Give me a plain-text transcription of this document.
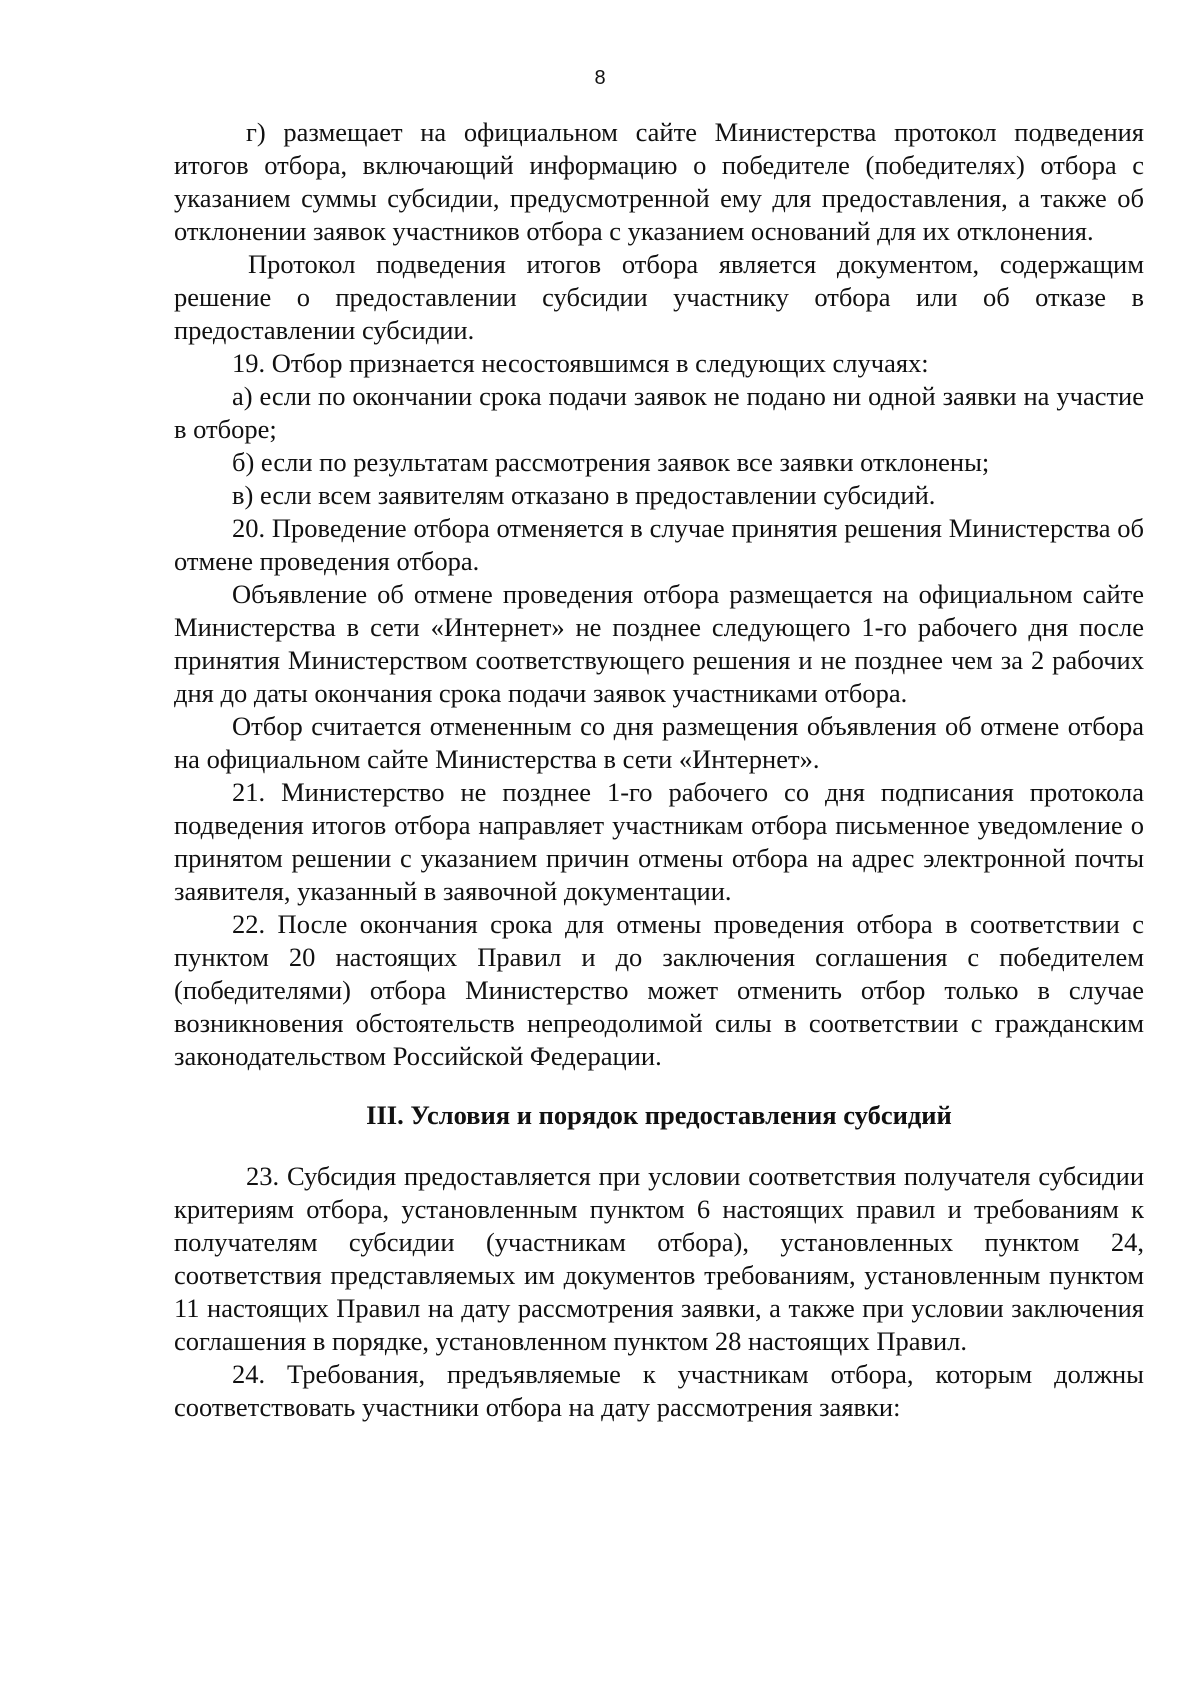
8

г) размещает на официальном сайте Министерства протокол подведения итогов отбора, включающий информацию о победителе (победителях) отбора с указанием суммы субсидии, предусмотренной ему для предоставления, а также об отклонении заявок участников отбора с указанием оснований для их отклонения.

Протокол подведения итогов отбора является документом, содержащим решение о предоставлении субсидии участнику отбора или об отказе в предоставлении субсидии.

19. Отбор признается несостоявшимся в следующих случаях:

а) если по окончании срока подачи заявок не подано ни одной заявки на участие в отборе;

б) если по результатам рассмотрения заявок все заявки отклонены;

в) если всем заявителям отказано в предоставлении субсидий.

20. Проведение отбора отменяется в случае принятия решения Министерства об отмене проведения отбора.

Объявление об отмене проведения отбора размещается на официальном сайте Министерства в сети «Интернет» не позднее следующего 1-го рабочего дня после принятия Министерством соответствующего решения и не позднее чем за 2 рабочих дня до даты окончания срока подачи заявок участниками отбора.

Отбор считается отмененным со дня размещения объявления об отмене отбора на официальном сайте Министерства в сети «Интернет».

21. Министерство не позднее 1-го рабочего со дня подписания протокола подведения итогов отбора направляет участникам отбора письменное уведомление о принятом решении с указанием причин отмены отбора на адрес электронной почты заявителя, указанный в заявочной документации.

22. После окончания срока для отмены проведения отбора в соответствии с пунктом 20 настоящих Правил и до заключения соглашения с победителем (победителями) отбора Министерство может отменить отбор только в случае возникновения обстоятельств непреодолимой силы в соответствии с гражданским законодательством Российской Федерации.

III. Условия и порядок предоставления субсидий

23. Субсидия предоставляется при условии соответствия получателя субсидии критериям отбора, установленным пунктом 6 настоящих правил и требованиям к получателям субсидии (участникам отбора), установленных пунктом 24, соответствия представляемых им документов требованиям, установленным пунктом 11 настоящих Правил на дату рассмотрения заявки, а также при условии заключения соглашения в порядке, установленном пунктом 28 настоящих Правил.

24. Требования, предъявляемые к участникам отбора, которым должны соответствовать участники отбора на дату рассмотрения заявки:
